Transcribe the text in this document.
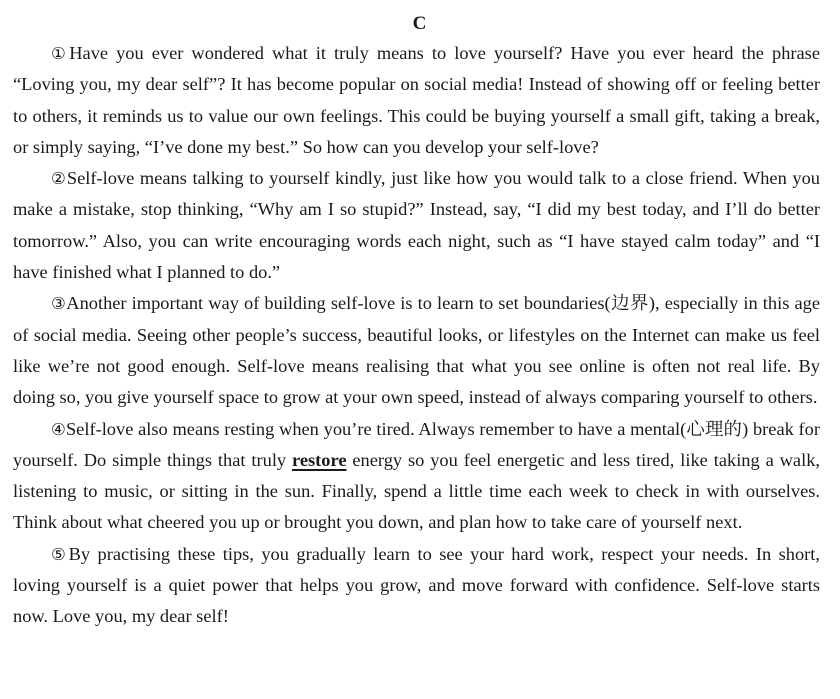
C

①Have you ever wondered what it truly means to love yourself? Have you ever heard the phrase “Loving you, my dear self”? It has become popular on social media! Instead of showing off or feeling better to others, it reminds us to value our own feelings. This could be buying yourself a small gift, taking a break, or simply saying, “I’ve done my best.” So how can you develop your self-love?

②Self-love means talking to yourself kindly, just like how you would talk to a close friend. When you make a mistake, stop thinking, “Why am I so stupid?” Instead, say, “I did my best today, and I’ll do better tomorrow.” Also, you can write encouraging words each night, such as “I have stayed calm today” and “I have finished what I planned to do.”

③Another important way of building self-love is to learn to set boundaries(边界), especially in this age of social media. Seeing other people’s success, beautiful looks, or lifestyles on the Internet can make us feel like we’re not good enough. Self-love means realising that what you see online is often not real life. By doing so, you give yourself space to grow at your own speed, instead of always comparing yourself to others.

④Self-love also means resting when you’re tired. Always remember to have a mental(心理的) break for yourself. Do simple things that truly restore energy so you feel energetic and less tired, like taking a walk, listening to music, or sitting in the sun. Finally, spend a little time each week to check in with ourselves. Think about what cheered you up or brought you down, and plan how to take care of yourself next.

⑤By practising these tips, you gradually learn to see your hard work, respect your needs. In short, loving yourself is a quiet power that helps you grow, and move forward with confidence. Self-love starts now. Love you, my dear self!
